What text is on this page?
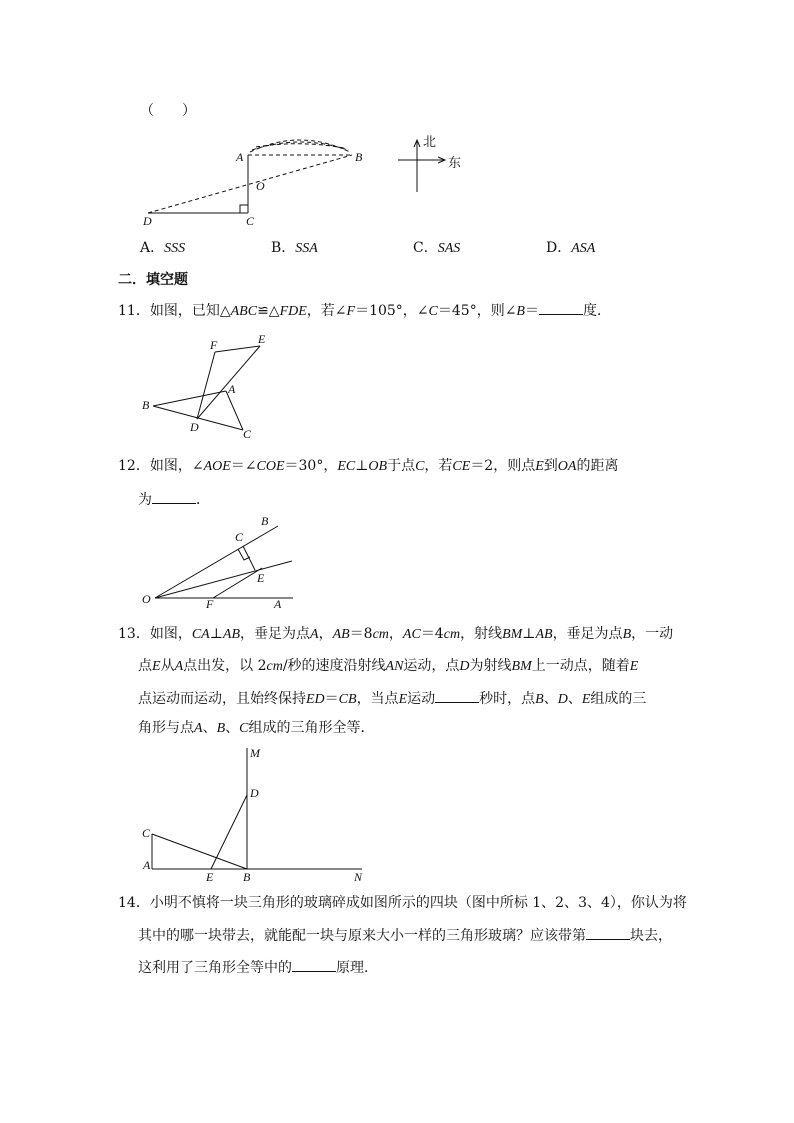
（　　）
A	B
O
C
D
北
东
A．SSS	B．SSA	C．SAS	D．ASA
二．填空题
11．如图，已知△ABC≌△FDE，若∠F＝105°，∠C＝45°，则∠B＝	度．
F	E
A
B
D	C
12．如图，∠AOE＝∠COE＝30°，EC⊥OB于点C，若CE＝2，则点E到OA的距离
为	．
B
C
E
O	F	A
13．如图，CA⊥AB，垂足为点A，AB＝8cm，AC＝4cm，射线BM⊥AB，垂足为点B，一动
点E从A点出发，以 2cm/秒的速度沿射线AN运动，点D为射线BM上一动点，随着E
点运动而运动，且始终保持ED＝CB，当点E运动	秒时，点B、D、E组成的三
角形与点A、B、C组成的三角形全等．
M
D
C
A
E B	N
14．小明不慎将一块三角形的玻璃碎成如图所示的四块（图中所标 1、2、3、4），你认为将
其中的哪一块带去，就能配一块与原来大小一样的三角形玻璃？应该带第	块去，
这利用了三角形全等中的	原理．
